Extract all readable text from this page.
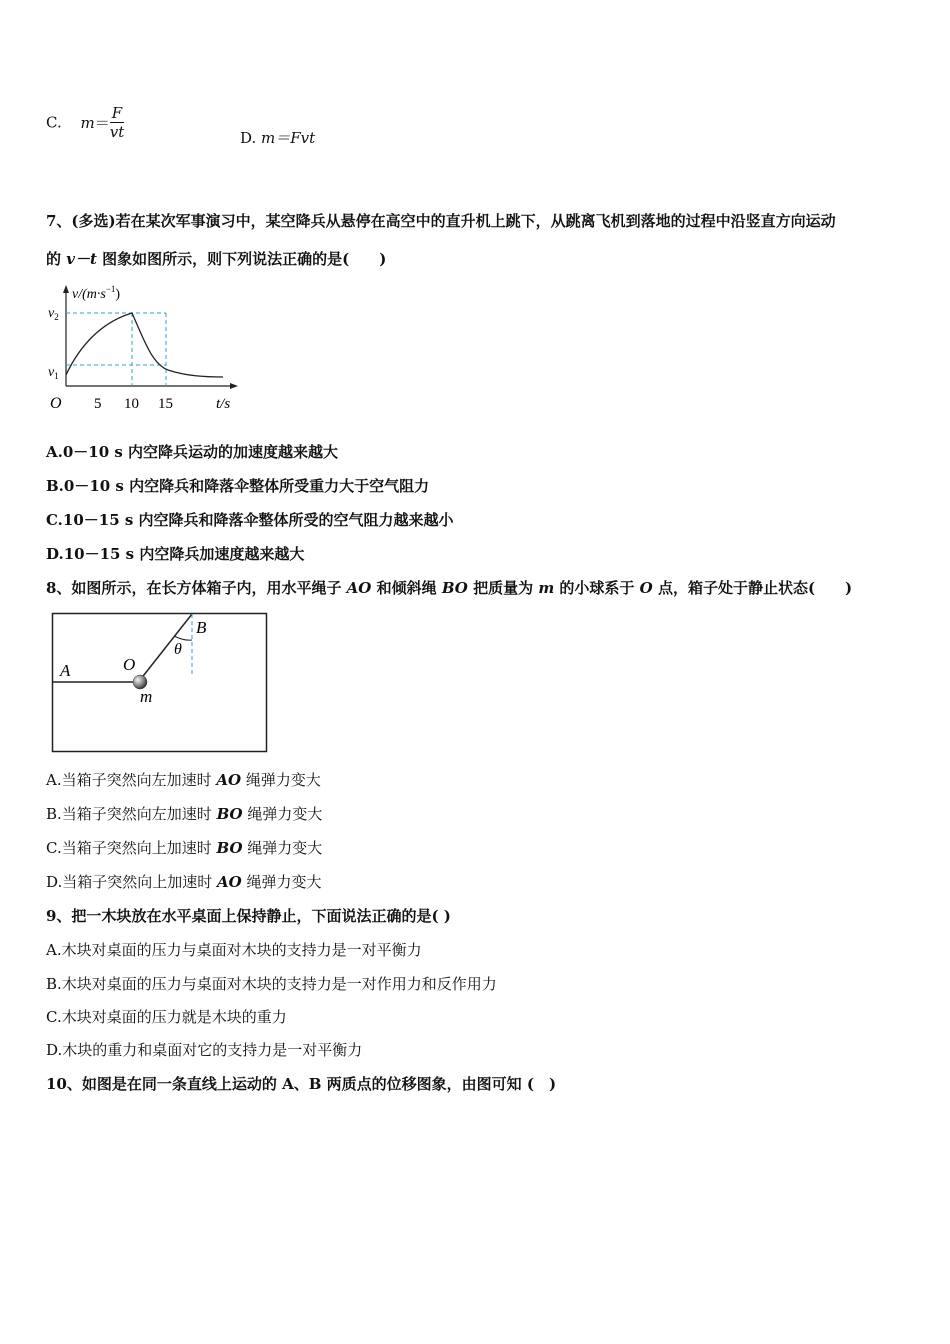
C. $m= \frac{F}{vt}$	D. m＝Fvt
7、(多选)若在某次军事演习中，某空降兵从悬停在高空中的直升机上跳下，从跳离飞机到落地的过程中沿竖直方向运动
的 v－t 图象如图所示，则下列说法正确的是(　　)
$v/(m\cdot s^{-1})$
$v_2$
$v_1$
O 5 10 15	t/s
A.0－10 s 内空降兵运动的加速度越来越大
B.0－10 s 内空降兵和降落伞整体所受重力大于空气阻力
C.10－15 s 内空降兵和降落伞整体所受的空气阻力越来越小
D.10－15 s 内空降兵加速度越来越大
8、如图所示，在长方体箱子内，用水平绳子 AO 和倾斜绳 BO 把质量为 m 的小球系于 O 点，箱子处于静止状态(　　)
A	O
B
θ
m
A.当箱子突然向左加速时 AO 绳弹力变大
B.当箱子突然向左加速时 BO 绳弹力变大
C.当箱子突然向上加速时 BO 绳弹力变大
D.当箱子突然向上加速时 AO 绳弹力变大
9、把一木块放在水平桌面上保持静止，下面说法正确的是( )
A.木块对桌面的压力与桌面对木块的支持力是一对平衡力
B.木块对桌面的压力与桌面对木块的支持力是一对作用力和反作用力
C.木块对桌面的压力就是木块的重力
D.木块的重力和桌面对它的支持力是一对平衡力
10、如图是在同一条直线上运动的 A、B 两质点的位移图象，由图可知 (　)
